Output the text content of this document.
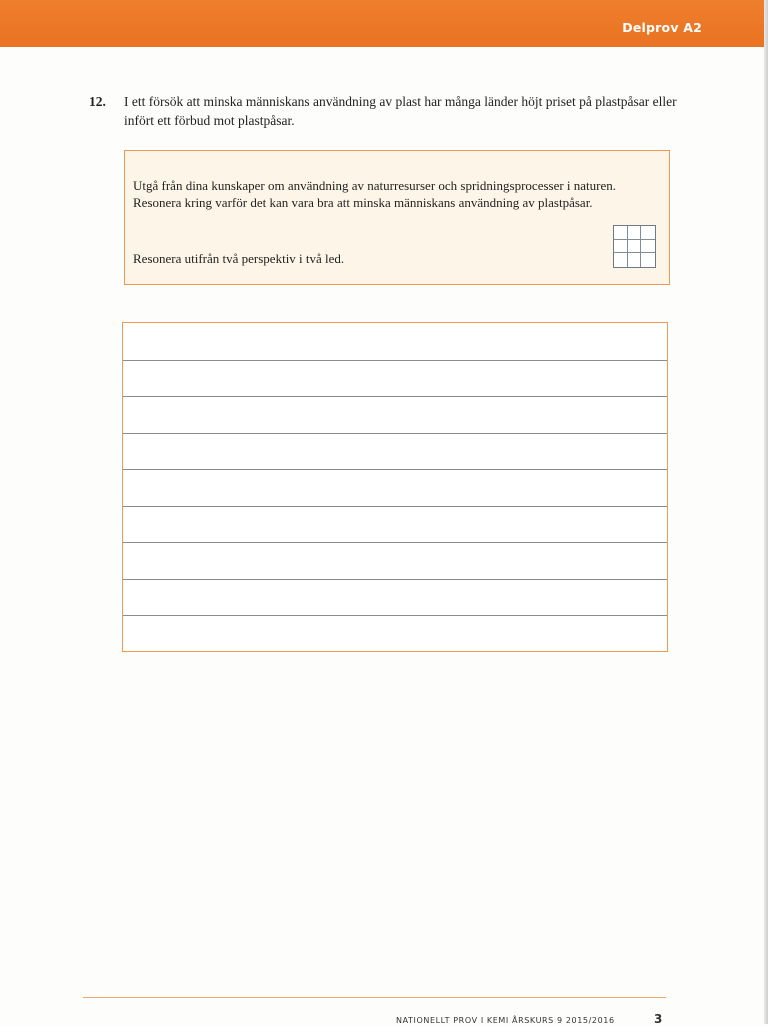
Delprov A2
12. I ett försök att minska människans användning av plast har många länder höjt priset på plastpåsar eller infört ett förbud mot plastpåsar.
Utgå från dina kunskaper om användning av naturresurser och spridningsprocesser i naturen. Resonera kring varför det kan vara bra att minska människans användning av plastpåsar.
Resonera utifrån två perspektiv i två led.
NATIONELLT PROV I KEMI ÅRSKURS 9 2015/2016	3
